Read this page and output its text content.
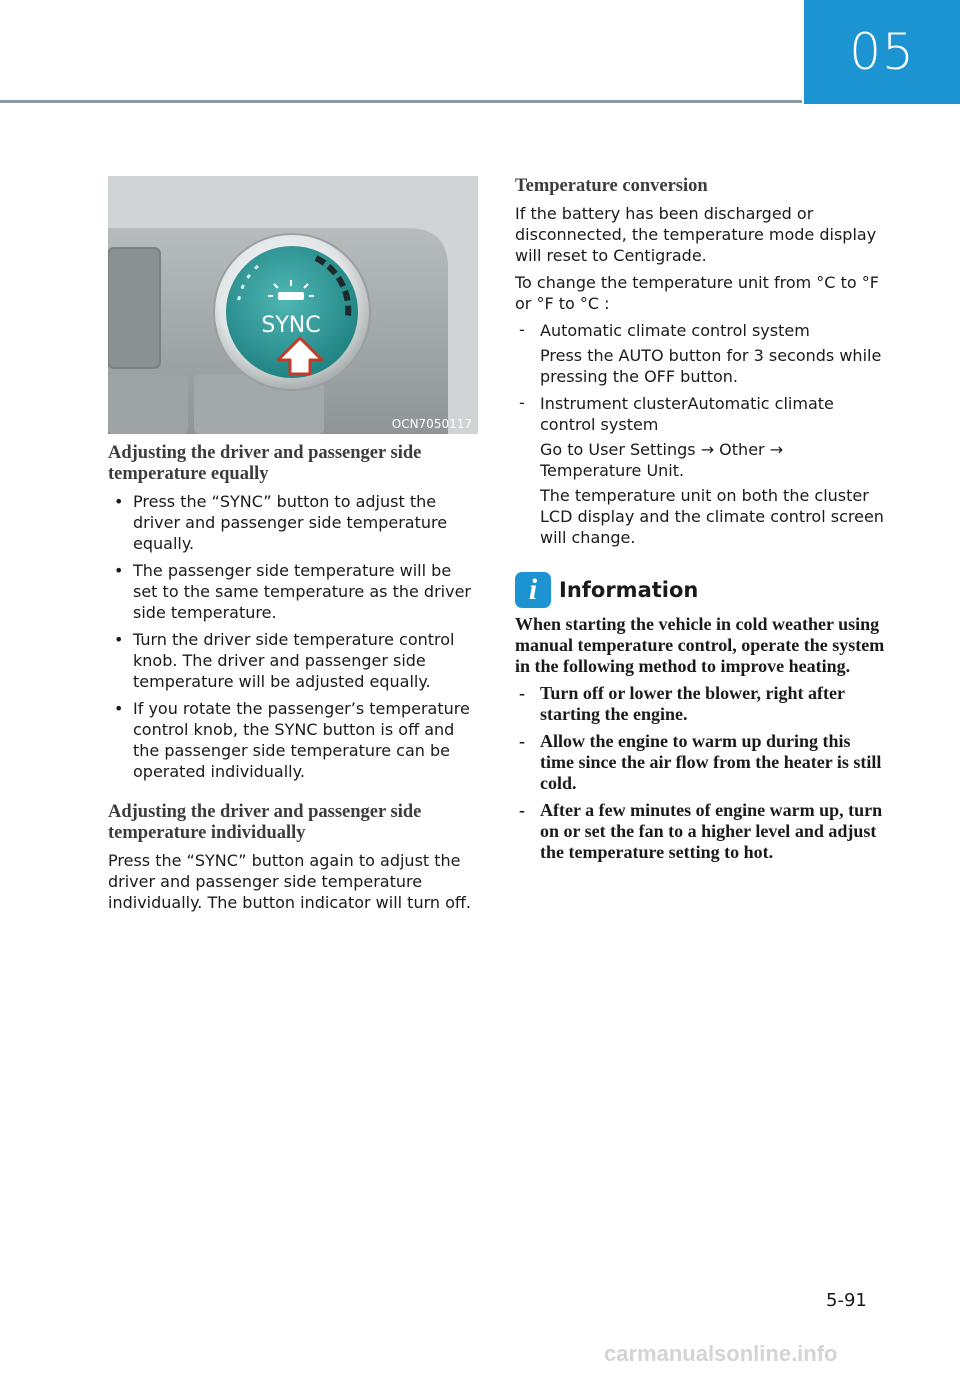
05
SYNC
OCN7050117
Adjusting the driver and passenger side temperature equally
• Press the “SYNC” button to adjust the driver and passenger side temperature equally.
• The passenger side temperature will be set to the same temperature as the driver side temperature.
• Turn the driver side temperature control knob. The driver and passenger side temperature will be adjusted equally.
• If you rotate the passenger’s temperature control knob, the SYNC button is off and the passenger side temperature can be operated individually.
Adjusting the driver and passenger side temperature individually

Press the “SYNC” button again to adjust the driver and passenger side temperature individually. The button indicator will turn off.

Temperature conversion

If the battery has been discharged or disconnected, the temperature mode display will reset to Centigrade.

To change the temperature unit from °C to °F or °F to °C :

- Automatic climate control system

Press the AUTO button for 3 seconds while pressing the OFF button.

- Instrument clusterAutomatic climate control system

Go to User Settings → Other → Temperature Unit.

The temperature unit on both the cluster LCD display and the climate control screen will change.

i	Information

When starting the vehicle in cold weather using manual temperature control, operate the system in the following method to improve heating.

- Turn off or lower the blower, right after starting the engine.
- Allow the engine to warm up during this time since the air flow from the heater is still cold.
- After a few minutes of engine warm up, turn on or set the fan to a higher level and adjust the temperature setting to hot.
5-91
carmanualsonline.info
